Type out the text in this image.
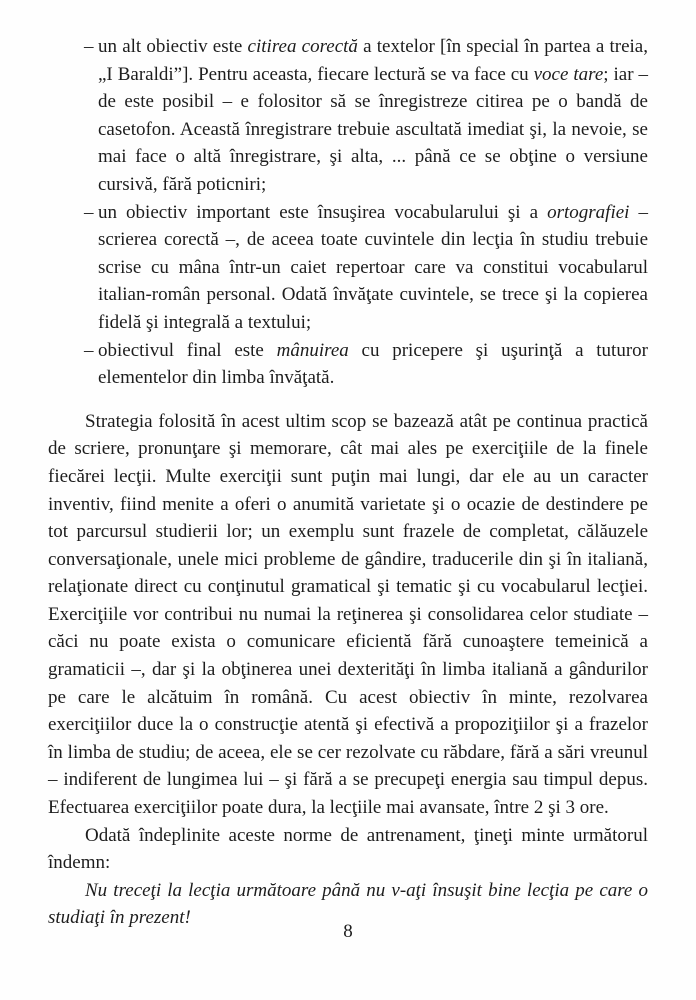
– un alt obiectiv este citirea corectă a textelor [în special în partea a treia, „I Baraldi”]. Pentru aceasta, fiecare lectură se va face cu voce tare; iar – de este posibil – e folositor să se înregistreze citirea pe o bandă de casetofon. Această înregistrare trebuie ascultată imediat şi, la nevoie, se mai face o altă înregistrare, şi alta, ... până ce se obţine o versiune cursivă, fără poticniri;
– un obiectiv important este însuşirea vocabularului şi a ortografiei – scrierea corectă –, de aceea toate cuvintele din lecţia în studiu trebuie scrise cu mâna într-un caiet repertoar care va constitui vocabularul italian-român personal. Odată învăţate cuvintele, se trece şi la copierea fidelă şi integrală a textului;
– obiectivul final este mânuirea cu pricepere şi uşurinţă a tuturor elementelor din limba învăţată.

Strategia folosită în acest ultim scop se bazează atât pe continua practică de scriere, pronunţare şi memorare, cât mai ales pe exerciţiile de la finele fiecărei lecţii. Multe exerciţii sunt puţin mai lungi, dar ele au un caracter inventiv, fiind menite a oferi o anumită varietate şi o ocazie de destindere pe tot parcursul studierii lor; un exemplu sunt frazele de completat, călăuzele conversaţionale, unele mici probleme de gândire, traducerile din şi în italiană, relaţionate direct cu conţinutul gramatical şi tematic şi cu vocabularul lecţiei. Exerciţiile vor contribui nu numai la reţinerea şi consolidarea celor studiate – căci nu poate exista o comunicare eficientă fără cunoaştere temeinică a gramaticii –, dar şi la obţinerea unei dexterităţi în limba italiană a gândurilor pe care le alcătuim în română. Cu acest obiectiv în minte, rezolvarea exerciţiilor duce la o construcţie atentă şi efectivă a propoziţiilor şi a frazelor în limba de studiu; de aceea, ele se cer rezolvate cu răbdare, fără a sări vreunul – indiferent de lungimea lui – şi fără a se precupeţi energia sau timpul depus. Efectuarea exerciţiilor poate dura, la lecţiile mai avansate, între 2 şi 3 ore.

Odată îndeplinite aceste norme de antrenament, ţineţi minte următorul îndemn:

Nu treceţi la lecţia următoare până nu v-aţi însuşit bine lecţia pe care o studiaţi în prezent!

8
